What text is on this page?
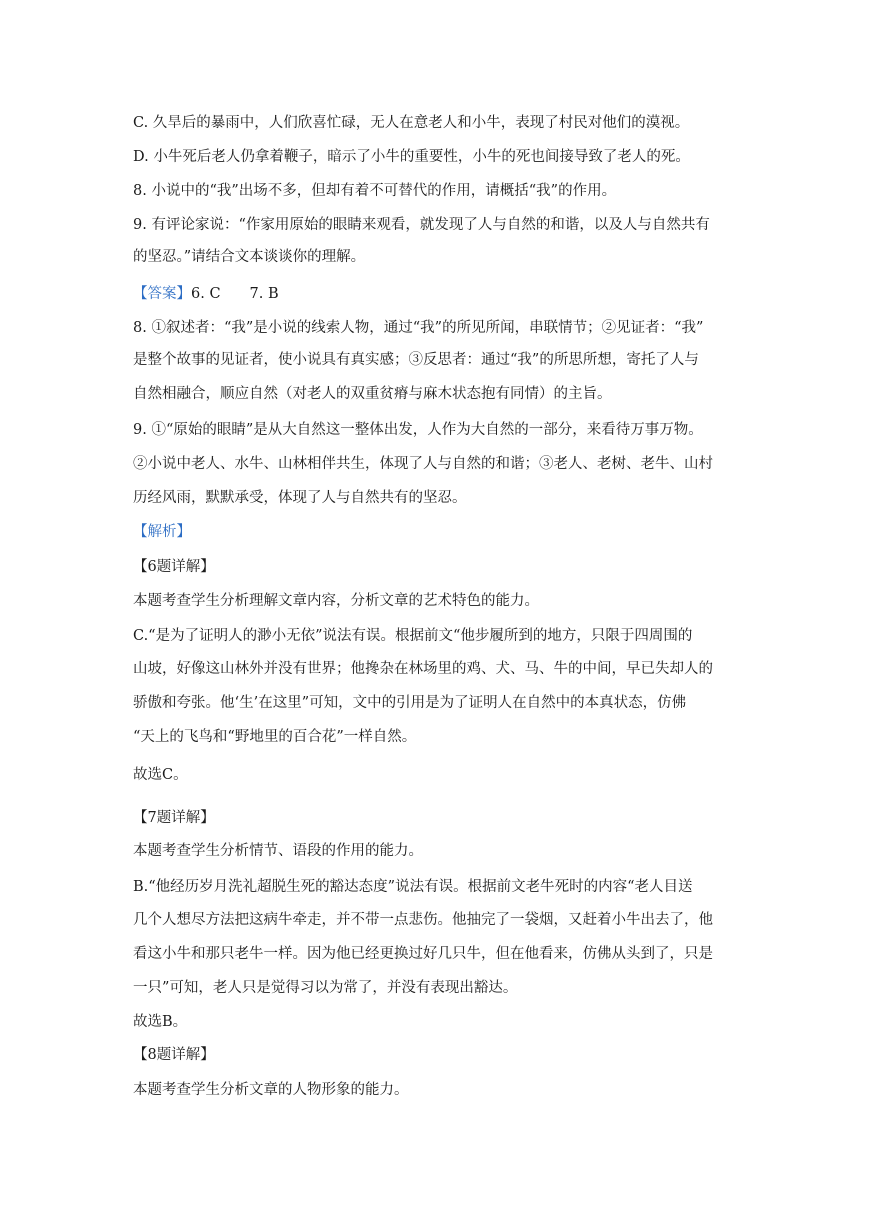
C. 久旱后的暴雨中，人们欣喜忙碌，无人在意老人和小牛，表现了村民对他们的漠视。
D. 小牛死后老人仍拿着鞭子，暗示了小牛的重要性，小牛的死也间接导致了老人的死。
8. 小说中的“我”出场不多，但却有着不可替代的作用，请概括“我”的作用。
9. 有评论家说：“作家用原始的眼睛来观看，就发现了人与自然的和谐，以及人与自然共有
的坚忍。”请结合文本谈谈你的理解。
【答案】6. C　　7. B
8. ①叙述者：“我”是小说的线索人物，通过“我”的所见所闻，串联情节；②见证者：“我”
是整个故事的见证者，使小说具有真实感；③反思者：通过“我”的所思所想，寄托了人与
自然相融合，顺应自然（对老人的双重贫瘠与麻木状态抱有同情）的主旨。
9. ①“原始的眼睛”是从大自然这一整体出发，人作为大自然的一部分，来看待万事万物。
②小说中老人、水牛、山林相伴共生，体现了人与自然的和谐；③老人、老树、老牛、山村
历经风雨，默默承受，体现了人与自然共有的坚忍。
【解析】
【6题详解】
本题考查学生分析理解文章内容，分析文章的艺术特色的能力。
C.“是为了证明人的渺小无依”说法有误。根据前文“他步履所到的地方，只限于四周围的
山坡，好像这山林外并没有世界；他搀杂在林场里的鸡、犬、马、牛的中间，早已失却人的
骄傲和夸张。他‘生’在这里”可知，文中的引用是为了证明人在自然中的本真状态，仿佛
“天上的飞鸟和“野地里的百合花”一样自然。
故选C。
【7题详解】
本题考查学生分析情节、语段的作用的能力。
B.“他经历岁月洗礼超脱生死的豁达态度”说法有误。根据前文老牛死时的内容“老人目送
几个人想尽方法把这病牛牵走，并不带一点悲伤。他抽完了一袋烟，又赶着小牛出去了，他
看这小牛和那只老牛一样。因为他已经更换过好几只牛，但在他看来，仿佛从头到了，只是
一只”可知，老人只是觉得习以为常了，并没有表现出豁达。
故选B。
【8题详解】
本题考查学生分析文章的人物形象的能力。
